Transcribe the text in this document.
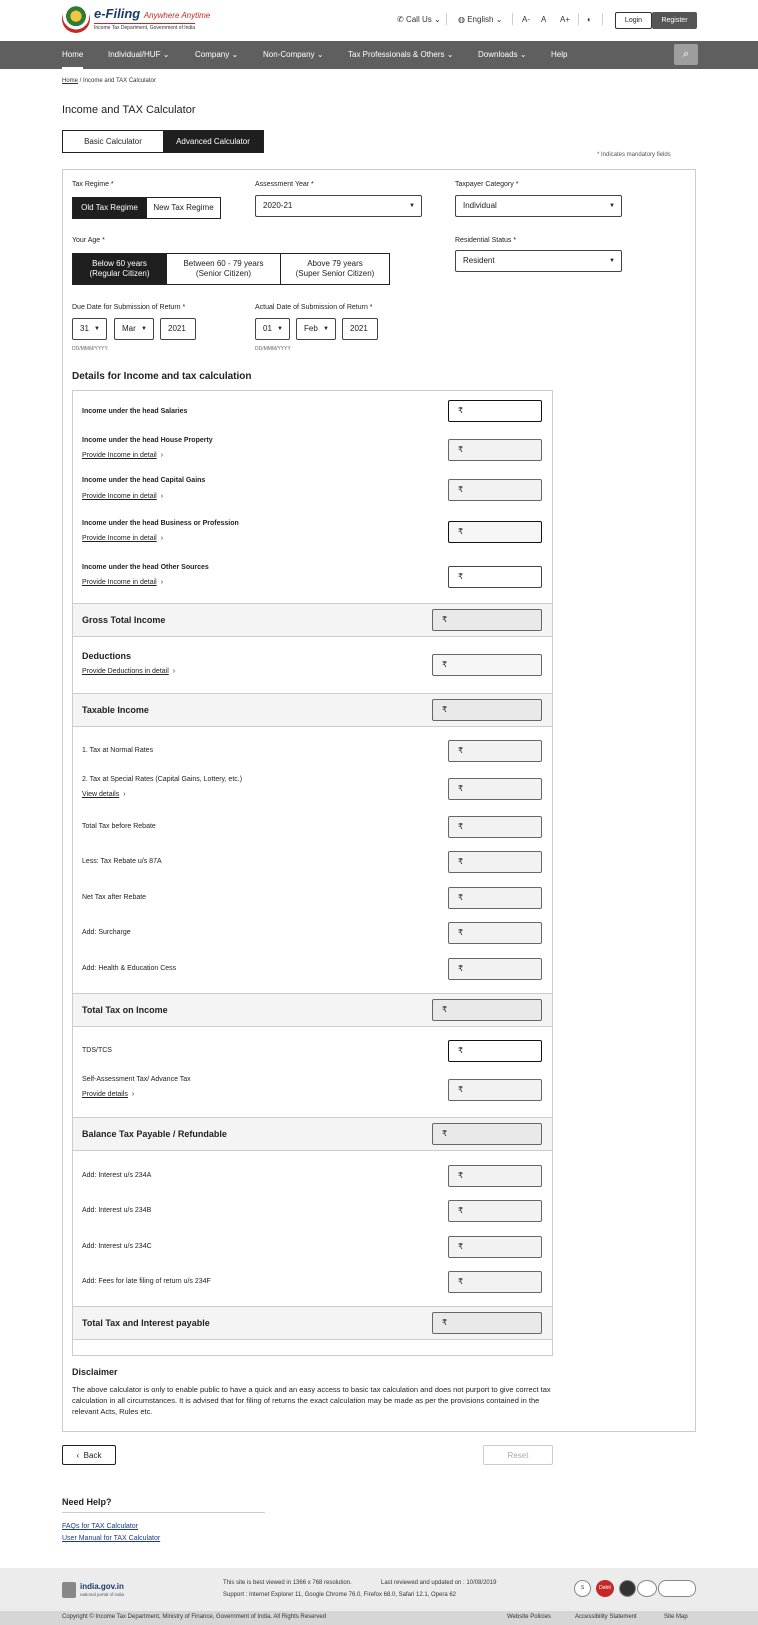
e-Filing Anywhere Anytime
Income Tax Department, Government of India
✆ Call Us ⌄ ◍ English ⌄ A- A A+ ◐	Login	Register
Home	Individual/HUF ⌄	Company ⌄	Non-Company ⌄	Tax Professionals & Others ⌄	Downloads ⌄	Help	⌕
Home / Income and TAX Calculator
Income and TAX Calculator
Basic Calculator	Advanced Calculator
* Indicates mandatory fields
Tax Regime *
Old Tax Regime	New Tax Regime
Assessment Year *
2020-21	▼
Taxpayer Category *
Individual	▼
Your Age *
Below 60 years
(Regular Citizen)
Between 60 - 79 years
(Senior Citizen)
Above 79 years
(Super Senior Citizen)
Residential Status *
Resident	▼
Due Date for Submission of Return *
31 ▼	Mar ▼	2021
DD/MMM/YYYY
Actual Date of Submission of Return *
01 ▼	Feb ▼	2021
DD/MMM/YYYY
Details for Income and tax calculation
Income under the head Salaries	₹
Income under the head House Property
Provide Income in detail ›
₹
Income under the head Capital Gains
Provide Income in detail ›
₹
Income under the head Business or Profession
Provide Income in detail ›
₹
Income under the head Other Sources
Provide Income in detail ›
₹
Gross Total Income	₹
Deductions
Provide Deductions in detail ›
₹
Taxable Income	₹
1. Tax at Normal Rates	₹
2. Tax at Special Rates (Capital Gains, Lottery, etc.)
View details ›
₹
Total Tax before Rebate	₹
Less: Tax Rebate u/s 87A	₹
Net Tax after Rebate	₹
Add: Surcharge	₹
Add: Health & Education Cess	₹
Total Tax on Income	₹
TDS/TCS	₹
Self-Assessment Tax/ Advance Tax
Provide details ›
₹
Balance Tax Payable / Refundable	₹
Add: Interest u/s 234A	₹
Add: Interest u/s 234B	₹
Add: Interest u/s 234C	₹
Add: Fees for late filing of return u/s 234F	₹
Total Tax and Interest payable	₹
Disclaimer
The above calculator is only to enable public to have a quick and an easy access to basic tax calculation and does not purport to give correct tax calculation in all circumstances. It is advised that for filing of returns the exact calculation may be made as per the provisions contained in the relevant Acts, Rules etc.
‹ Back	Reset
Need Help?
FAQs for TAX Calculator
User Manual for TAX Calculator
india.gov.in
national portal of india
This site is best viewed in 1366 x 768 resolution.	Last reviewed and updated on : 10/08/2019
Support : Internet Explorer 11, Google Chrome 76.0, Firefox 68.0, Safari 12.1, Opera 62
S	Debit
Copyright © Income Tax Department, Ministry of Finance, Government of India. All Rights Reserved	Website Policies	Accessibility Statement	Site Map
